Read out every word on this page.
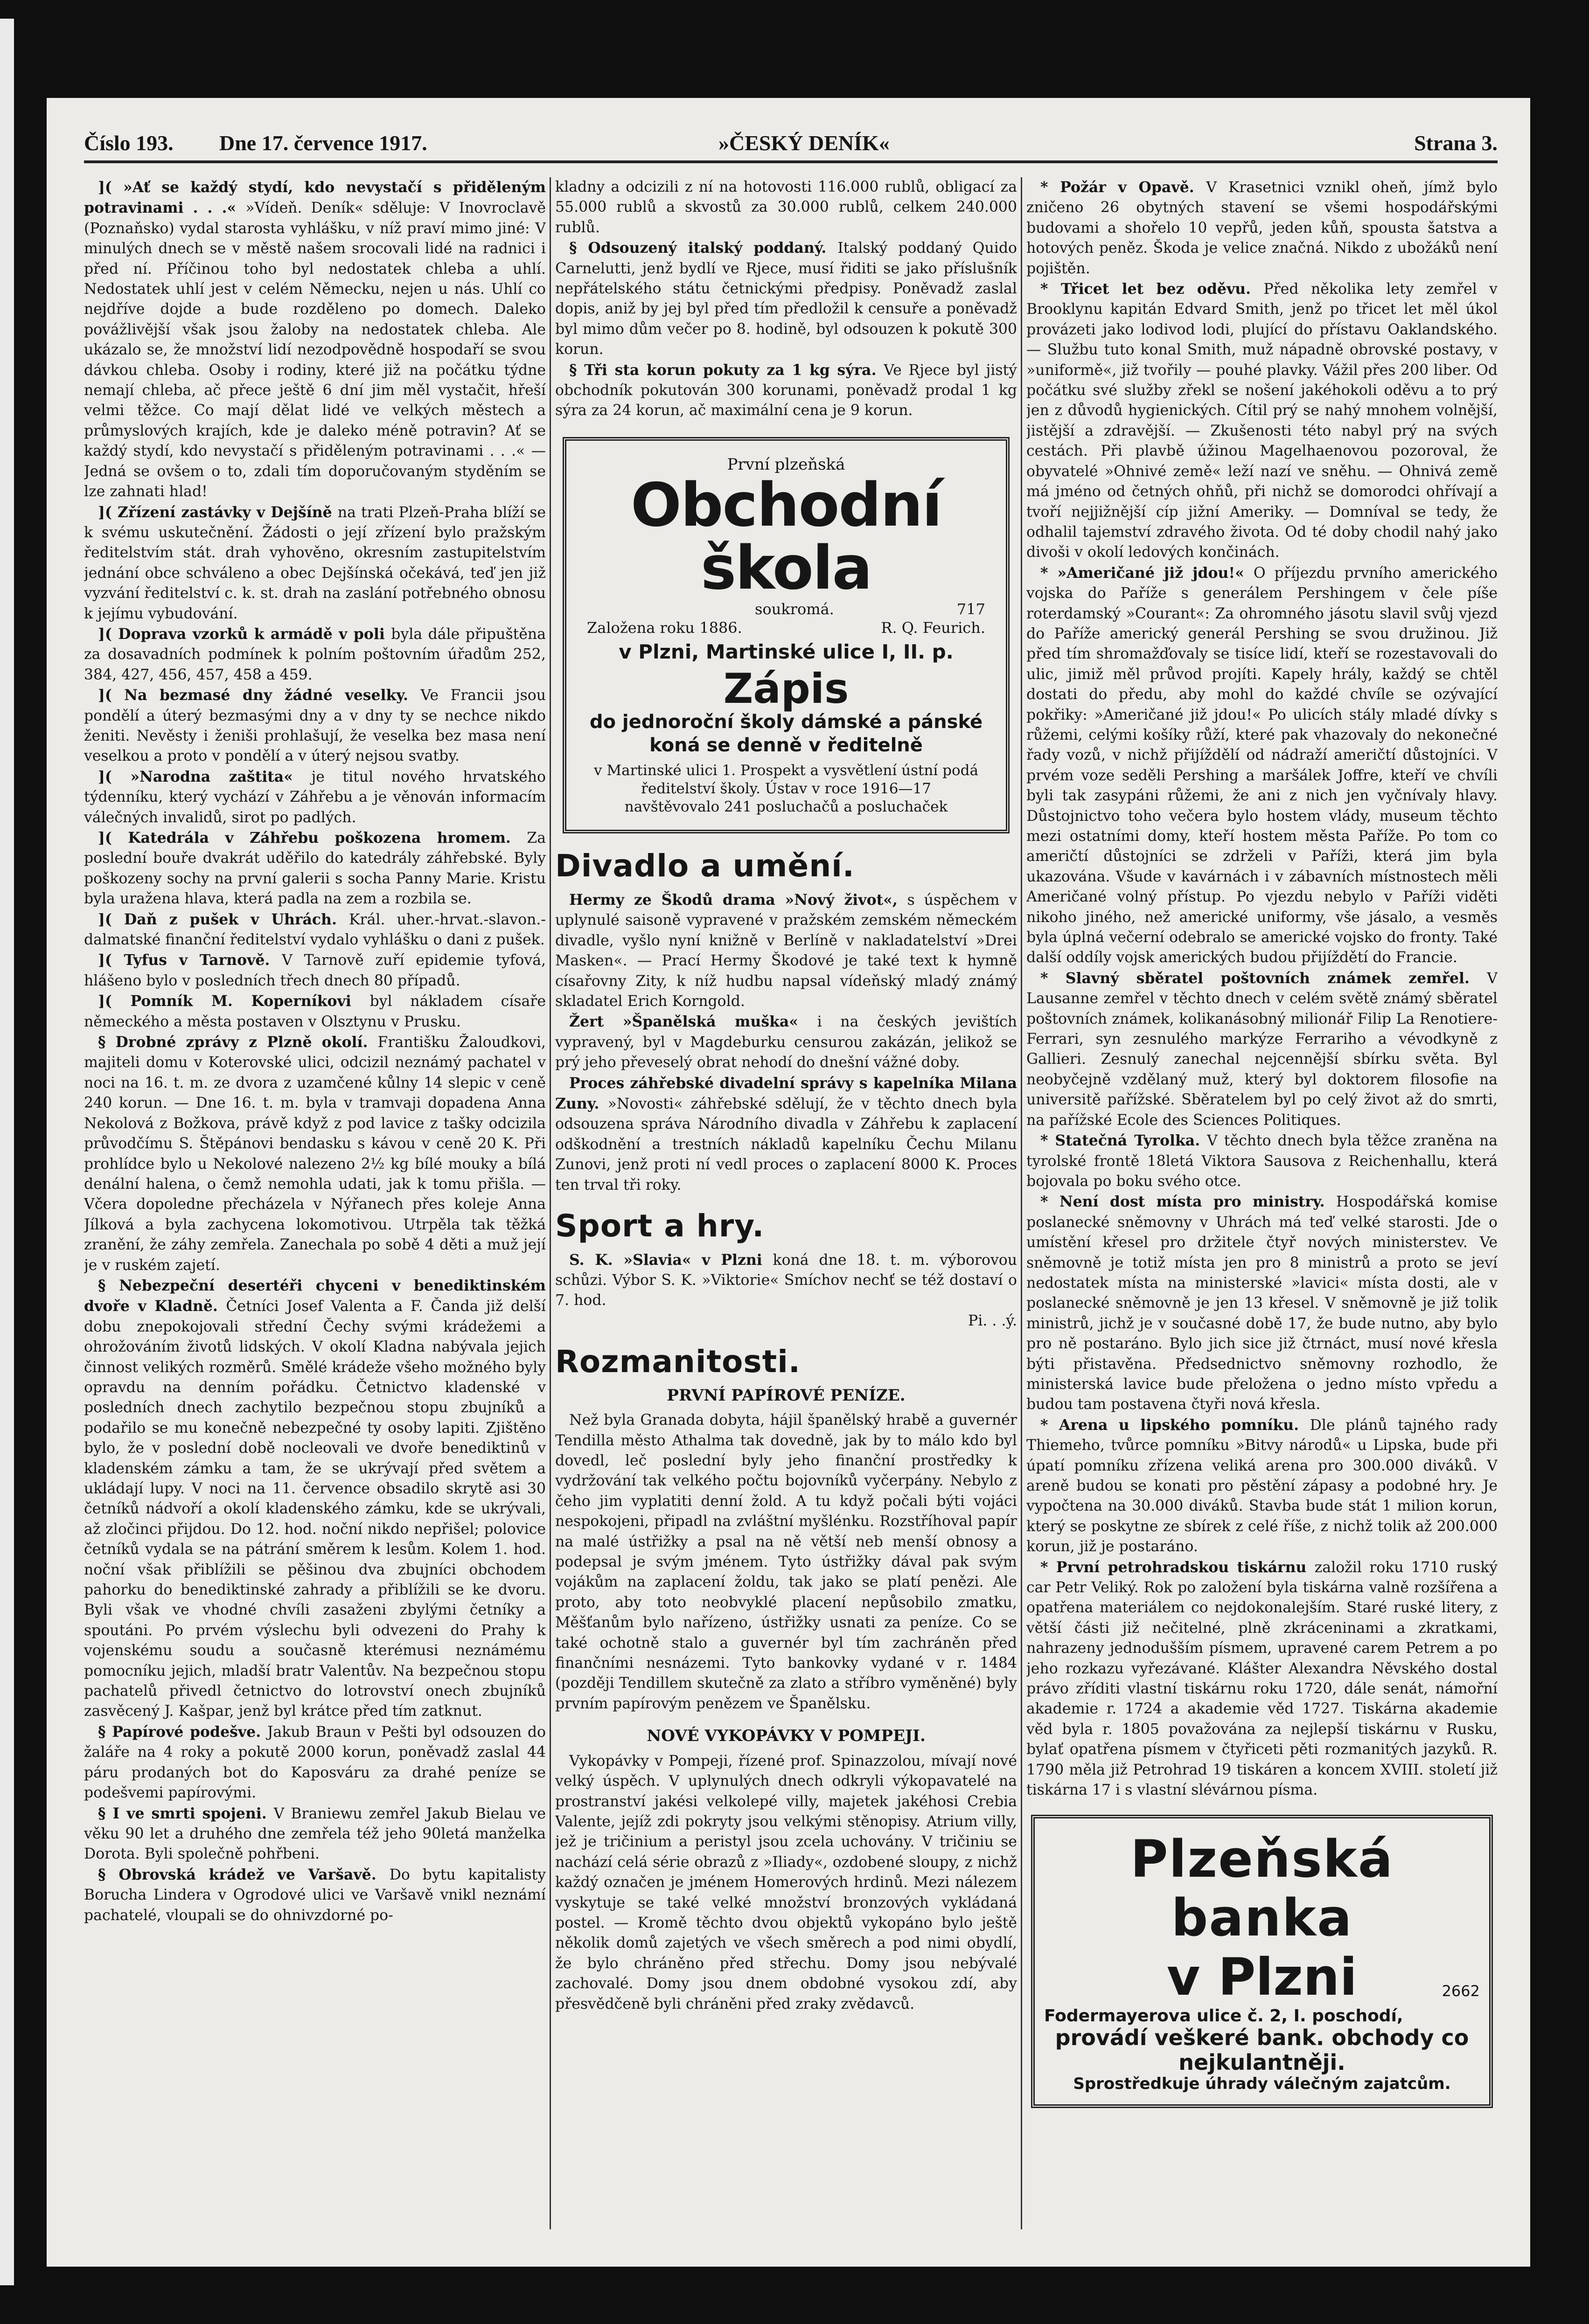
Číslo 193. Dne 17. července 1917.	»ČESKÝ DENÍK«	Strana 3.

]( »Ať se každý stydí, kdo nevystačí s přiděleným potravinami . . .« »Vídeň. Deník« sděluje: V Inovroclavě (Poznaňsko) vydal starosta vyhlášku, v níž praví mimo jiné: V minulých dnech se v městě našem srocovali lidé na radnici i před ní. Příčinou toho byl nedostatek chleba a uhlí. Nedostatek uhlí jest v celém Německu, nejen u nás. Uhlí co nejdříve dojde a bude rozděleno po domech. Daleko povážlivější však jsou žaloby na nedostatek chleba. Ale ukázalo se, že množství lidí nezodpovědně hospodaří se svou dávkou chleba. Osoby i rodiny, které již na počátku týdne nemají chleba, ač přece ještě 6 dní jim měl vystačit, hřeší velmi těžce. Co mají dělat lidé ve velkých městech a průmyslových krajích, kde je daleko méně potravin? Ať se každý stydí, kdo nevystačí s přiděleným potravinami . . .« — Jedná se ovšem o to, zdali tím doporučovaným styděním se lze zahnati hlad!

]( Zřízení zastávky v Dejšíně na trati Plzeň-Praha blíží se k svému uskutečnění. Žádosti o její zřízení bylo pražským ředitelstvím stát. drah vyhověno, okresním zastupitelstvím jednání obce schváleno a obec Dejšínská očekává, teď jen již vyzvání ředitelství c. k. st. drah na zaslání potřebného obnosu k jejímu vybudování.

]( Doprava vzorků k armádě v poli byla dále připuštěna za dosavadních podmínek k polním poštovním úřadům 252, 384, 427, 456, 457, 458 a 459.

]( Na bezmasé dny žádné veselky. Ve Francii jsou pondělí a úterý bezmasými dny a v dny ty se nechce nikdo ženiti. Nevěsty i ženiši prohlašují, že veselka bez masa není veselkou a proto v pondělí a v úterý nejsou svatby.

]( »Narodna zaštita« je titul nového hrvatského týdenníku, který vychází v Záhřebu a je věnován informacím válečných invalidů, sirot po padlých.

]( Katedrála v Záhřebu poškozena hromem. Za poslední bouře dvakrát uděřilo do katedrály záhřebské. Byly poškozeny sochy na první galerii s socha Panny Marie. Kristu byla uražena hlava, která padla na zem a rozbila se.

]( Daň z pušek v Uhrách. Král. uher.-hrvat.-slavon.-dalmatské finanční ředitelství vydalo vyhlášku o dani z pušek.

]( Tyfus v Tarnově. V Tarnově zuří epidemie tyfová, hlášeno bylo v posledních třech dnech 80 případů.

]( Pomník M. Koperníkovi byl nákladem císaře německého a města postaven v Olsztynu v Prusku.

§ Drobné zprávy z Plzně okolí. Františku Žaloudkovi, majiteli domu v Koterovské ulici, odcizil neznámý pachatel v noci na 16. t. m. ze dvora z uzamčené kůlny 14 slepic v ceně 240 korun. — Dne 16. t. m. byla v tramvaji dopadena Anna Nekolová z Božkova, právě když z pod lavice z tašky odcizila průvodčímu S. Štěpánovi bendasku s kávou v ceně 20 K. Při prohlídce bylo u Nekolové nalezeno 2½ kg bílé mouky a bílá denální halena, o čemž nemohla udati, jak k tomu přišla. — Včera dopoledne přecházela v Nýřanech přes koleje Anna Jílková a byla zachycena lokomotivou. Utrpěla tak těžká zranění, že záhy zemřela. Zanechala po sobě 4 děti a muž její je v ruském zajetí.

§ Nebezpeční desertéři chyceni v benediktinském dvoře v Kladně. Četníci Josef Valenta a F. Čanda již delší dobu znepokojovali střední Čechy svými krádežemi a ohrožováním životů lidských. V okolí Kladna nabývala jejich činnost velikých rozměrů. Smělé krádeže všeho možného byly opravdu na denním pořádku. Četnictvo kladenské v posledních dnech zachytilo bezpečnou stopu zbujníků a podařilo se mu konečně nebezpečné ty osoby lapiti. Zjištěno bylo, že v poslední době nocleovali ve dvoře benediktinů v kladenském zámku a tam, že se ukrývají před světem a ukládají lupy. V noci na 11. července obsadilo skrytě asi 30 četníků nádvoří a okolí kladenského zámku, kde se ukrývali, až zločinci přijdou. Do 12. hod. noční nikdo nepřišel; polovice četníků vydala se na pátrání směrem k lesům. Kolem 1. hod. noční však přiblížili se pěšinou dva zbujníci obchodem pahorku do benediktinské zahrady a přiblížili se ke dvoru. Byli však ve vhodné chvíli zasaženi zbylými četníky a spoutáni. Po prvém výslechu byli odvezeni do Prahy k vojenskému soudu a současně kterémusi neznámému pomocníku jejich, mladší bratr Valentův. Na bezpečnou stopu pachatelů přivedl četnictvo do lotrovství onech zbujníků zasvěcený J. Kašpar, jenž byl krátce před tím zatknut.

§ Papírové podešve. Jakub Braun v Pešti byl odsouzen do žaláře na 4 roky a pokutě 2000 korun, poněvadž zaslal 44 páru prodaných bot do Kaposváru za drahé peníze se podešvemi papírovými.

§ I ve smrti spojeni. V Braniewu zemřel Jakub Bielau ve věku 90 let a druhého dne zemřela též jeho 90letá manželka Dorota. Byli společně pohřbeni.

§ Obrovská krádež ve Varšavě. Do bytu kapitalisty Borucha Lindera v Ogrodové ulici ve Varšavě vnikl neznámí pachatelé, vloupali se do ohnivzdorné po-

kladny a odcizili z ní na hotovosti 116.000 rublů, obligací za 55.000 rublů a skvostů za 30.000 rublů, celkem 240.000 rublů.

§ Odsouzený italský poddaný. Italský poddaný Quido Carnelutti, jenž bydlí ve Rjece, musí řiditi se jako příslušník nepřátelského státu četnickými předpisy. Poněvadž zaslal dopis, aniž by jej byl před tím předložil k censuře a poněvadž byl mimo dům večer po 8. hodině, byl odsouzen k pokutě 300 korun.

§ Tři sta korun pokuty za 1 kg sýra. Ve Rjece byl jistý obchodník pokutován 300 korunami, poněvadž prodal 1 kg sýra za 24 korun, ač maximální cena je 9 korun.

První plzeňská
Obchodní škola
soukromá.	717
Založena roku 1886.	R. Q. Feurich.
v Plzni, Martinské ulice I, II. p.
Zápis
do jednoroční školy dámské a pánské koná se denně v ředitelně
v Martinské ulici 1. Prospekt a vysvětlení ústní podá ředitelství školy. Ústav v roce 1916—17
navštěvovalo 241 posluchačů a posluchaček
Divadlo a umění.

Hermy ze Škodů drama »Nový život«, s úspěchem v uplynulé saisoně vypravené v pražském zemském německém divadle, vyšlo nyní knižně v Berlíně v nakladatelství »Drei Masken«. — Prací Hermy Škodové je také text k hymně císařovny Zity, k níž hudbu napsal vídeňský mladý známý skladatel Erich Korngold.

Žert »Španělská muška« i na českých jevištích vypravený, byl v Magdeburku censurou zakázán, jelikož se prý jeho převeselý obrat nehodí do dnešní vážné doby.

Proces záhřebské divadelní správy s kapelníka Milana Zuny. »Novosti« záhřebské sdělují, že v těchto dnech byla odsouzena správa Národního divadla v Záhřebu k zaplacení odškodnění a trestních nákladů kapelníku Čechu Milanu Zunovi, jenž proti ní vedl proces o zaplacení 8000 K. Proces ten trval tři roky.

Sport a hry.

S. K. »Slavia« v Plzni koná dne 18. t. m. výborovou schůzi. Výbor S. K. »Viktorie« Smíchov nechť se též dostaví o 7. hod.

Pi. . .ý.

Rozmanitosti.

PRVNÍ PAPÍROVÉ PENÍZE.

Než byla Granada dobyta, hájil španělský hrabě a guvernér Tendilla město Athalma tak dovedně, jak by to málo kdo byl dovedl, leč poslední byly jeho finanční prostředky k vydržování tak velkého počtu bojovníků vyčerpány. Nebylo z čeho jim vyplatiti denní žold. A tu když počali býti vojáci nespokojeni, připadl na zvláštní myšlénku. Rozstříhoval papír na malé ústřižky a psal na ně větší neb menší obnosy a podepsal je svým jménem. Tyto ústřižky dával pak svým vojákům na zaplacení žoldu, tak jako se platí penězi. Ale proto, aby toto neobvyklé placení nepůsobilo zmatku, Měšťanům bylo nařízeno, ústřižky usnati za peníze. Co se také ochotně stalo a guvernér byl tím zachráněn před finančními nesnázemi. Tyto bankovky vydané v r. 1484 (později Tendillem skutečně za zlato a stříbro vyměněné) byly prvním papírovým penězem ve Španělsku.

NOVÉ VYKOPÁVKY V POMPEJI.

Vykopávky v Pompeji, řízené prof. Spinazzolou, mívají nové velký úspěch. V uplynulých dnech odkryli výkopavatelé na prostranství jakési velkolepé villy, majetek jakéhosi Crebia Valente, jejíž zdi pokryty jsou velkými stěnopisy. Atrium villy, jež je tričinium a peristyl jsou zcela uchovány. V tričiniu se nachází celá série obrazů z »Iliady«, ozdobené sloupy, z nichž každý označen je jménem Homerových hrdinů. Mezi nálezem vyskytuje se také velké množství bronzových vykládaná postel. — Kromě těchto dvou objektů vykopáno bylo ještě několik domů zajetých ve všech směrech a pod nimi obydlí, že bylo chráněno před střechu. Domy jsou nebývalé zachovalé. Domy jsou dnem obdobné vysokou zdí, aby přesvědčeně byli chráněni před zraky zvědavců.

* Požár v Opavě. V Krasetnici vznikl oheň, jímž bylo zničeno 26 obytných stavení se všemi hospodářskými budovami a shořelo 10 vepřů, jeden kůň, spousta šatstva a hotových peněz. Škoda je velice značná. Nikdo z ubožáků není pojištěn.

* Třicet let bez oděvu. Před několika lety zemřel v Brooklynu kapitán Edvard Smith, jenž po třicet let měl úkol provázeti jako lodivod lodi, plující do přístavu Oaklandského. — Službu tuto konal Smith, muž nápadně obrovské postavy, v »uniformě«, již tvořily — pouhé plavky. Vážil přes 200 liber. Od počátku své služby zřekl se nošení jakéhokoli oděvu a to prý jen z důvodů hygienických. Cítil prý se nahý mnohem volnější, jistější a zdravější. — Zkušenosti této nabyl prý na svých cestách. Při plavbě úžinou Magelhaenovou pozoroval, že obyvatelé »Ohnivé země« leží nazí ve sněhu. — Ohnivá země má jméno od četných ohňů, při nichž se domorodci ohřívají a tvoří nejjižnější cíp jižní Ameriky. — Domníval se tedy, že odhalil tajemství zdravého života. Od té doby chodil nahý jako divoši v okolí ledových končinách.

* »Američané již jdou!« O příjezdu prvního amerického vojska do Paříže s generálem Pershingem v čele píše roterdamský »Courant«: Za ohromného jásotu slavil svůj vjezd do Paříže americký generál Pershing se svou družinou. Již před tím shromažďovaly se tisíce lidí, kteří se rozestavovali do ulic, jimiž měl průvod projíti. Kapely hrály, každý se chtěl dostati do předu, aby mohl do každé chvíle se ozývající pokřiky: »Američané již jdou!« Po ulicích stály mladé dívky s růžemi, celými košíky růží, které pak vhazovaly do nekonečné řady vozů, v nichž přijíždělí od nádraží američtí důstojníci. V prvém voze seděli Pershing a maršálek Joffre, kteří ve chvíli byli tak zasypáni růžemi, že ani z nich jen vyčnívaly hlavy. Důstojnictvo toho večera bylo hostem vlády, museum těchto mezi ostatními domy, kteří hostem města Paříže. Po tom co američtí důstojníci se zdrželi v Paříži, která jim byla ukazována. Všude v kavárnách i v zábavních místnostech měli Američané volný přístup. Po vjezdu nebylo v Paříži viděti nikoho jiného, než americké uniformy, vše jásalo, a vesměs byla úplná večerní odebralo se americké vojsko do fronty. Také další oddíly vojsk amerických budou přijíždětí do Francie.

* Slavný sběratel poštovních známek zemřel. V Lausanne zemřel v těchto dnech v celém světě známý sběratel poštovních známek, kolikanásobný milionář Filip La Renotiere-Ferrari, syn zesnulého markýze Ferrariho a vévodkyně z Gallieri. Zesnulý zanechal nejcennější sbírku světa. Byl neobyčejně vzdělaný muž, který byl doktorem filosofie na universitě pařížské. Sběratelem byl po celý život až do smrti, na pařížské Ecole des Sciences Politiques.

* Statečná Tyrolka. V těchto dnech byla těžce zraněna na tyrolské frontě 18letá Viktora Sausova z Reichenhallu, která bojovala po boku svého otce.

* Není dost místa pro ministry. Hospodářská komise poslanecké sněmovny v Uhrách má teď velké starosti. Jde o umístění křesel pro držitele čtyř nových ministerstev. Ve sněmovně je totiž místa jen pro 8 ministrů a proto se jeví nedostatek místa na ministerské »lavici« místa dosti, ale v poslanecké sněmovně je jen 13 křesel. V sněmovně je již tolik ministrů, jichž je v současné době 17, že bude nutno, aby bylo pro ně postaráno. Bylo jich sice již čtrnáct, musí nové křesla býti přistavěna. Předsednictvo sněmovny rozhodlo, že ministerská lavice bude přeložena o jedno místo vpředu a budou tam postavena čtyři nová křesla.

* Arena u lipského pomníku. Dle plánů tajného rady Thiemeho, tvůrce pomníku »Bitvy národů« u Lipska, bude při úpatí pomníku zřízena veliká arena pro 300.000 diváků. V areně budou se konati pro pěstění zápasy a podobné hry. Je vypočtena na 30.000 diváků. Stavba bude stát 1 milion korun, který se poskytne ze sbírek z celé říše, z nichž tolik až 200.000 korun, již je postaráno.

* První petrohradskou tiskárnu založil roku 1710 ruský car Petr Veliký. Rok po založení byla tiskárna valně rozšířena a opatřena materiálem co nejdokonalejším. Staré ruské litery, z větší části již nečitelné, plně zkráceninami a zkratkami, nahrazeny jednodušším písmem, upravené carem Petrem a po jeho rozkazu vyřezávané. Klášter Alexandra Něvského dostal právo zříditi vlastní tiskárnu roku 1720, dále senát, námořní akademie r. 1724 a akademie věd 1727. Tiskárna akademie věd byla r. 1805 považována za nejlepší tiskárnu v Rusku, bylať opatřena písmem v čtyřiceti pěti rozmanitých jazyků. R. 1790 měla již Petrohrad 19 tiskáren a koncem XVIII. století již tiskárna 17 i s vlastní slévárnou písma.

Plzeňská banka
v Plzni	2662
Fodermayerova ulice č. 2, I. poschodí,
provádí veškeré bank. obchody co nejkulantněji.
Sprostředkuje úhrady válečným zajatcům.
